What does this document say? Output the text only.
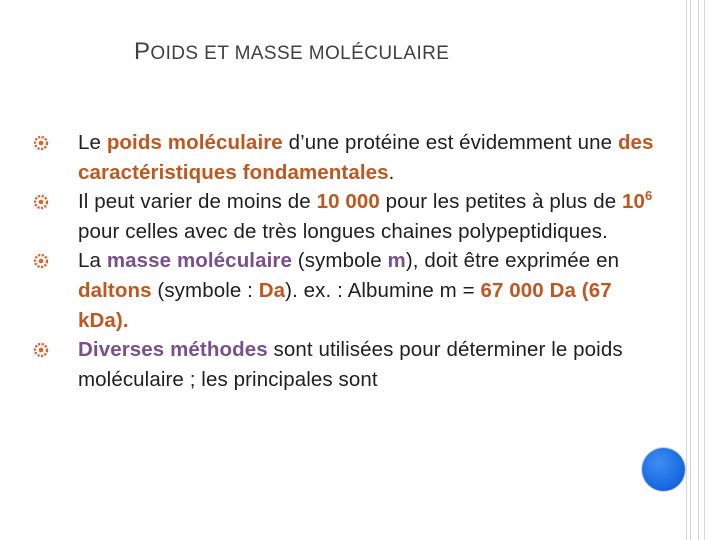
POIDS ET MASSE MOLÉCULAIRE
Le poids moléculaire d’une protéine est évidemment une des caractéristiques fondamentales.
Il peut varier de moins de 10 000 pour les petites à plus de $10^6$ pour celles avec de très longues chaines polypeptidiques.
La masse moléculaire (symbole m), doit être exprimée en daltons (symbole : Da). ex. : Albumine m = 67 000 Da (67 kDa).
Diverses méthodes sont utilisées pour déterminer le poids moléculaire ; les principales sont
